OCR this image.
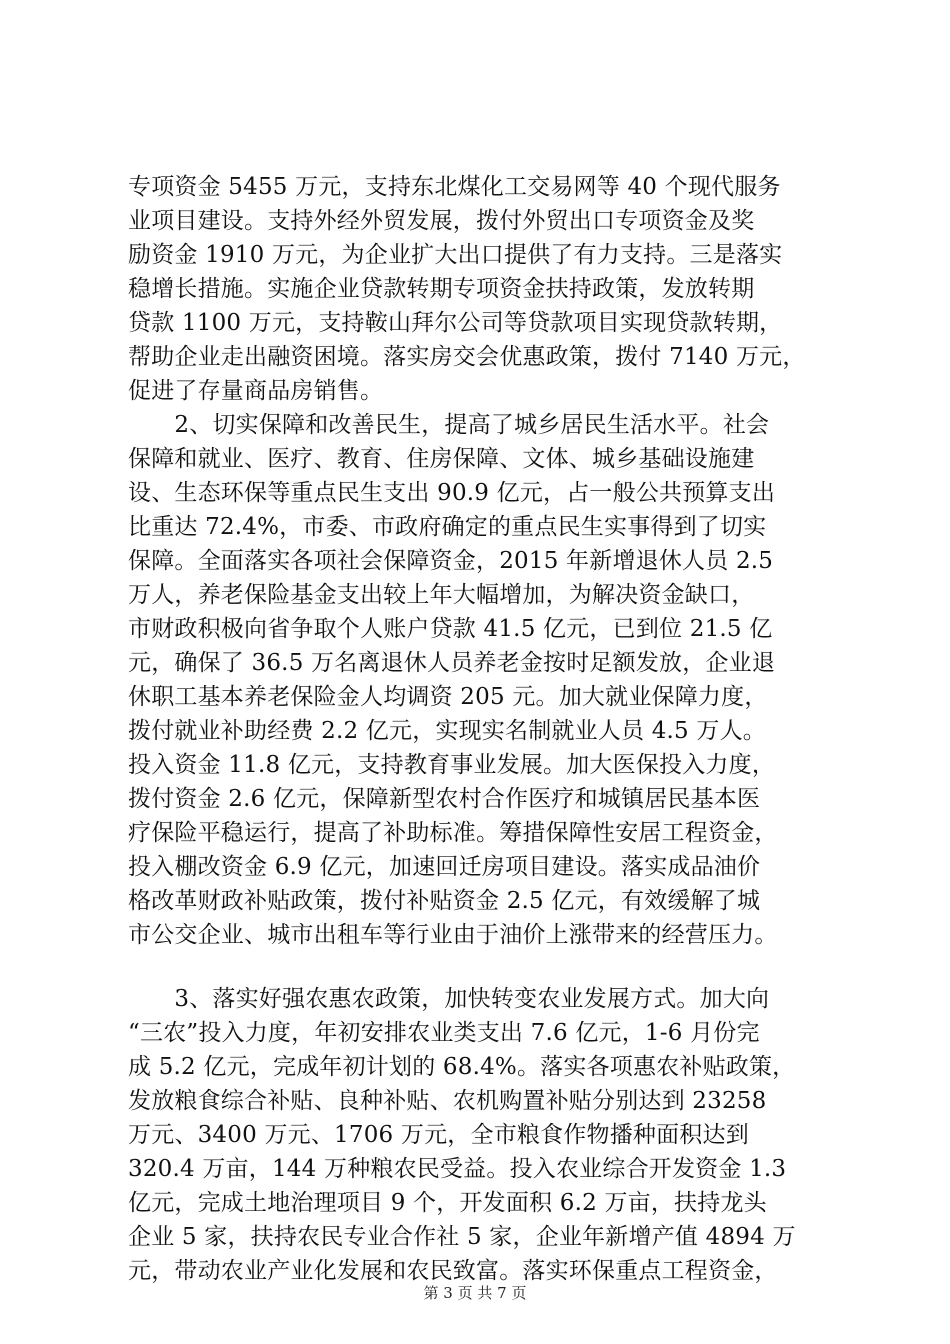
专项资金 5455 万元，支持东北煤化工交易网等 40 个现代服务
业项目建设。支持外经外贸发展，拨付外贸出口专项资金及奖
励资金 1910 万元，为企业扩大出口提供了有力支持。三是落实
稳增长措施。实施企业贷款转期专项资金扶持政策，发放转期
贷款 1100 万元，支持鞍山拜尔公司等贷款项目实现贷款转期，
帮助企业走出融资困境。落实房交会优惠政策，拨付 7140 万元，
促进了存量商品房销售。
　　2、切实保障和改善民生，提高了城乡居民生活水平。社会
保障和就业、医疗、教育、住房保障、文体、城乡基础设施建
设、生态环保等重点民生支出 90.9 亿元，占一般公共预算支出
比重达 72.4%，市委、市政府确定的重点民生实事得到了切实
保障。全面落实各项社会保障资金，2015 年新增退休人员 2.5
万人，养老保险基金支出较上年大幅增加，为解决资金缺口，
市财政积极向省争取个人账户贷款 41.5 亿元，已到位 21.5 亿
元，确保了 36.5 万名离退休人员养老金按时足额发放，企业退
休职工基本养老保险金人均调资 205 元。加大就业保障力度，
拨付就业补助经费 2.2 亿元，实现实名制就业人员 4.5 万人。
投入资金 11.8 亿元，支持教育事业发展。加大医保投入力度，
拨付资金 2.6 亿元，保障新型农村合作医疗和城镇居民基本医
疗保险平稳运行，提高了补助标准。筹措保障性安居工程资金，
投入棚改资金 6.9 亿元，加速回迁房项目建设。落实成品油价
格改革财政补贴政策，拨付补贴资金 2.5 亿元，有效缓解了城
市公交企业、城市出租车等行业由于油价上涨带来的经营压力。
　　3、落实好强农惠农政策，加快转变农业发展方式。加大向
“三农”投入力度，年初安排农业类支出 7.6 亿元，1-6 月份完
成 5.2 亿元，完成年初计划的 68.4%。落实各项惠农补贴政策，
发放粮食综合补贴、良种补贴、农机购置补贴分别达到 23258
万元、3400 万元、1706 万元，全市粮食作物播种面积达到
320.4 万亩，144 万种粮农民受益。投入农业综合开发资金 1.3
亿元，完成土地治理项目 9 个，开发面积 6.2 万亩，扶持龙头
企业 5 家，扶持农民专业合作社 5 家，企业年新增产值 4894 万
元，带动农业产业化发展和农民致富。落实环保重点工程资金，
第 3 页 共 7 页
